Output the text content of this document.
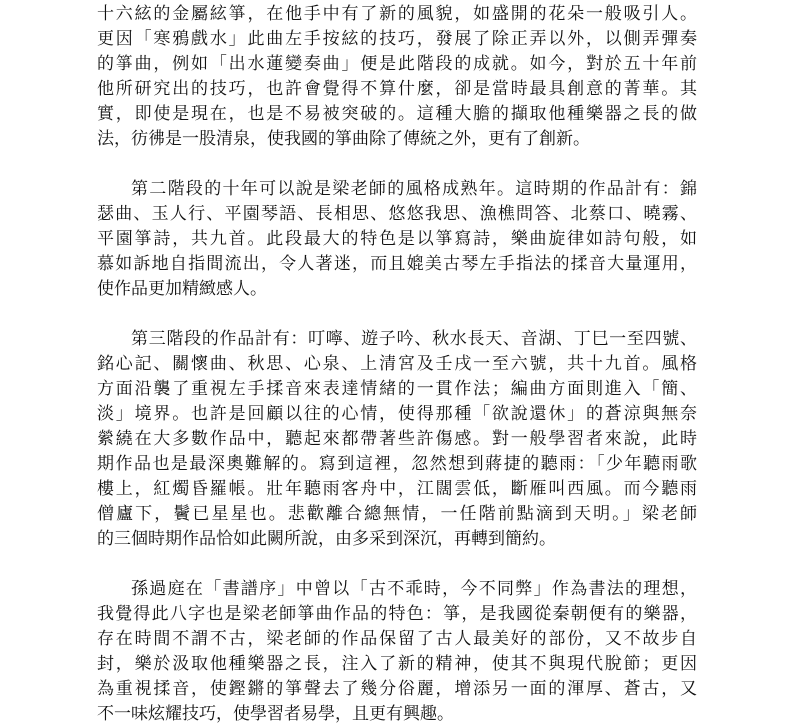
十六絃的金屬絃箏，在他手中有了新的風貌，如盛開的花朵一般吸引人。
更因「寒鴉戲水」此曲左手按絃的技巧，發展了除正弄以外，以側弄彈奏
的箏曲，例如「出水蓮變奏曲」便是此階段的成就。如今，對於五十年前
他所研究出的技巧，也許會覺得不算什麼，卻是當時最具創意的菁華。其
實，即使是現在，也是不易被突破的。這種大膽的擷取他種樂器之長的做
法，彷彿是一股清泉，使我國的箏曲除了傳統之外，更有了創新。
第二階段的十年可以說是梁老師的風格成熟年。這時期的作品計有：錦
瑟曲、玉人行、平園琴語、長相思、悠悠我思、漁樵問答、北蔡口、曉霧、
平園箏詩，共九首。此段最大的特色是以箏寫詩，樂曲旋律如詩句般，如
慕如訴地自指間流出，令人著迷，而且媲美古琴左手指法的揉音大量運用，
使作品更加精緻感人。
第三階段的作品計有：叮嚀、遊子吟、秋水長天、音湖、丁巳一至四號、
銘心記、關懷曲、秋思、心泉、上清宮及壬戌一至六號，共十九首。風格
方面沿襲了重視左手揉音來表達情緒的一貫作法；編曲方面則進入「簡、
淡」境界。也許是回顧以往的心情，使得那種「欲說還休」的蒼涼與無奈
縈繞在大多數作品中，聽起來都帶著些許傷感。對一般學習者來說，此時
期作品也是最深奧難解的。寫到這裡，忽然想到蔣捷的聽雨：「少年聽雨歌
樓上，紅燭昏羅帳。壯年聽雨客舟中，江闊雲低，斷雁叫西風。而今聽雨
僧廬下，鬢已星星也。悲歡離合總無情，一任階前點滴到天明。」梁老師
的三個時期作品恰如此闕所說，由多采到深沉，再轉到簡約。
孫過庭在「書譜序」中曾以「古不乖時，今不同弊」作為書法的理想，
我覺得此八字也是梁老師箏曲作品的特色：箏，是我國從秦朝便有的樂器，
存在時間不謂不古，梁老師的作品保留了古人最美好的部份，又不故步自
封，樂於汲取他種樂器之長，注入了新的精神，使其不與現代脫節；更因
為重視揉音，使鏗鏘的箏聲去了幾分俗麗，增添另一面的渾厚、蒼古，又
不一味炫耀技巧，使學習者易學，且更有興趣。
